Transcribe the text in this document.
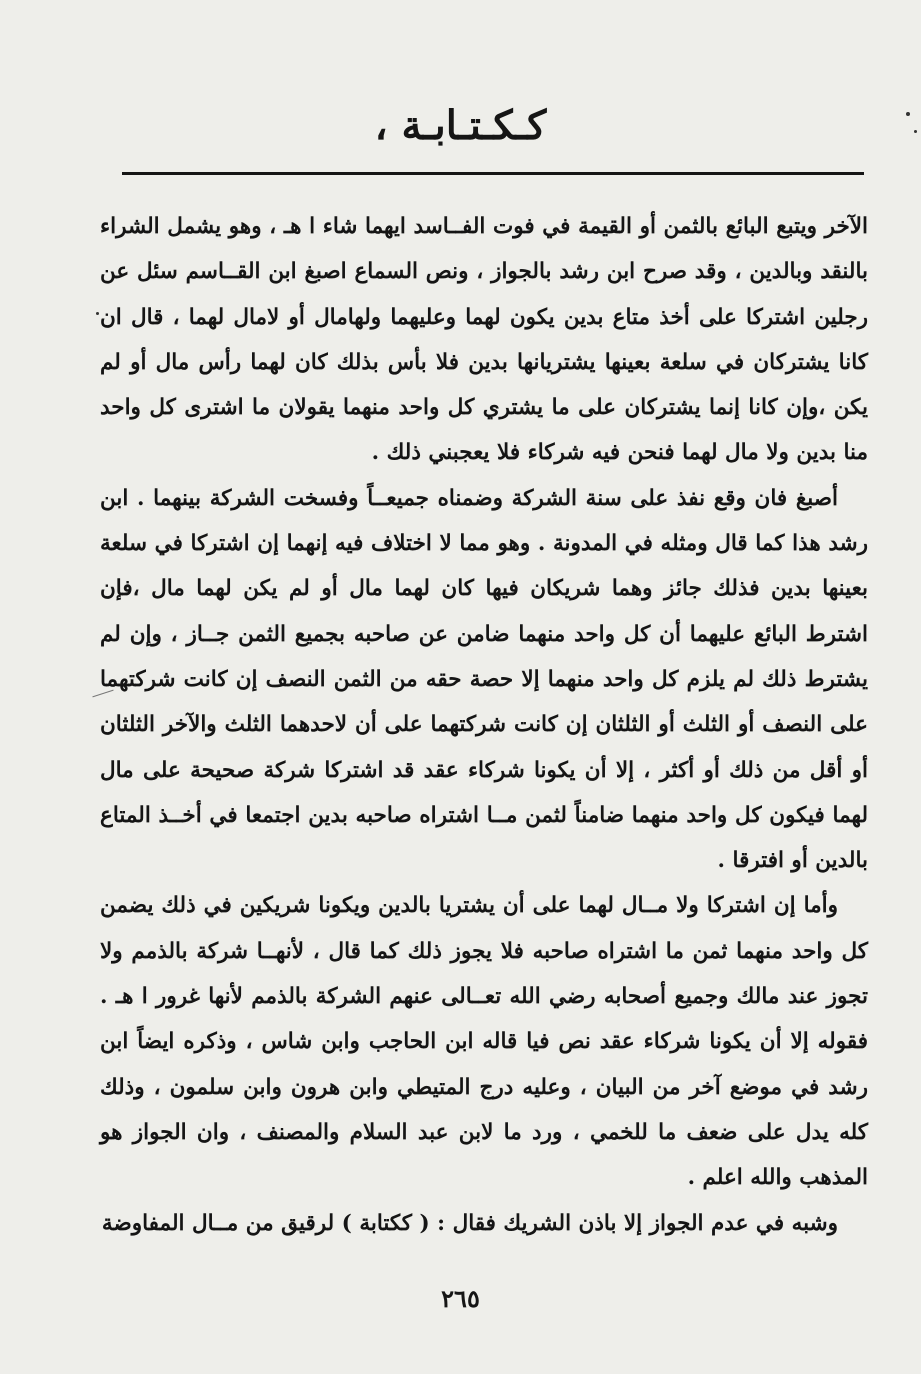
كـكـتـابـة ،

الآخر ويتبع البائع بالثمن أو القيمة في فوت الفــاسد ايهما شاء ا هـ ، وهو يشمل الشراء بالنقد وبالدين ، وقد صرح ابن رشد بالجواز ، ونص السماع اصبغ ابن القــاسم سئل عن رجلين اشتركا على أخذ متاع بدين يكون لهما وعليهما ولهامال أو لامال لهما ، قال ان كانا يشتركان في سلعة بعينها يشتريانها بدين فلا بأس بذلك كان لهما رأس مال أو لم يكن ،وإن كانا إنما يشتركان على ما يشتري كل واحد منهما يقولان ما اشترى كل واحد منا بدين ولا مال لهما فنحن فيه شركاء فلا يعجبني ذلك .

أصبغ فان وقع نفذ على سنة الشركة وضمناه جميعــاً وفسخت الشركة بينهما . ابن رشد هذا كما قال ومثله في المدونة . وهو مما لا اختلاف فيه إنهما إن اشتركا في سلعة بعينها بدين فذلك جائز وهما شريكان فيها كان لهما مال أو لم يكن لهما مال ،فإن اشترط البائع عليهما أن كل واحد منهما ضامن عن صاحبه بجميع الثمن جــاز ، وإن لم يشترط ذلك لم يلزم كل واحد منهما إلا حصة حقه من الثمن النصف إن كانت شركتهما على النصف أو الثلث أو الثلثان إن كانت شركتهما على أن لاحدهما الثلث والآخر الثلثان أو أقل من ذلك أو أكثر ، إلا أن يكونا شركاء عقد قد اشتركا شركة صحيحة على مال لهما فيكون كل واحد منهما ضامناً لثمن مــا اشتراه صاحبه بدين اجتمعا في أخــذ المتاع بالدين أو افترقا .

وأما إن اشتركا ولا مــال لهما على أن يشتريا بالدين ويكونا شريكين في ذلك يضمن كل واحد منهما ثمن ما اشتراه صاحبه فلا يجوز ذلك كما قال ، لأنهــا شركة بالذمم ولا تجوز عند مالك وجميع أصحابه رضي الله تعــالى عنهم الشركة بالذمم لأنها غرور ا هـ . فقوله إلا أن يكونا شركاء عقد نص فيا قاله ابن الحاجب وابن شاس ، وذكره ايضاً ابن رشد في موضع آخر من البيان ، وعليه درج المتيطي وابن هرون وابن سلمون ، وذلك كله يدل على ضعف ما للخمي ، ورد ما لابن عبد السلام والمصنف ، وان الجواز هو المذهب والله اعلم .

وشبه في عدم الجواز إلا باذن الشريك فقال : ( ككتابة ) لرقيق من مــال المفاوضة

٢٦٥
